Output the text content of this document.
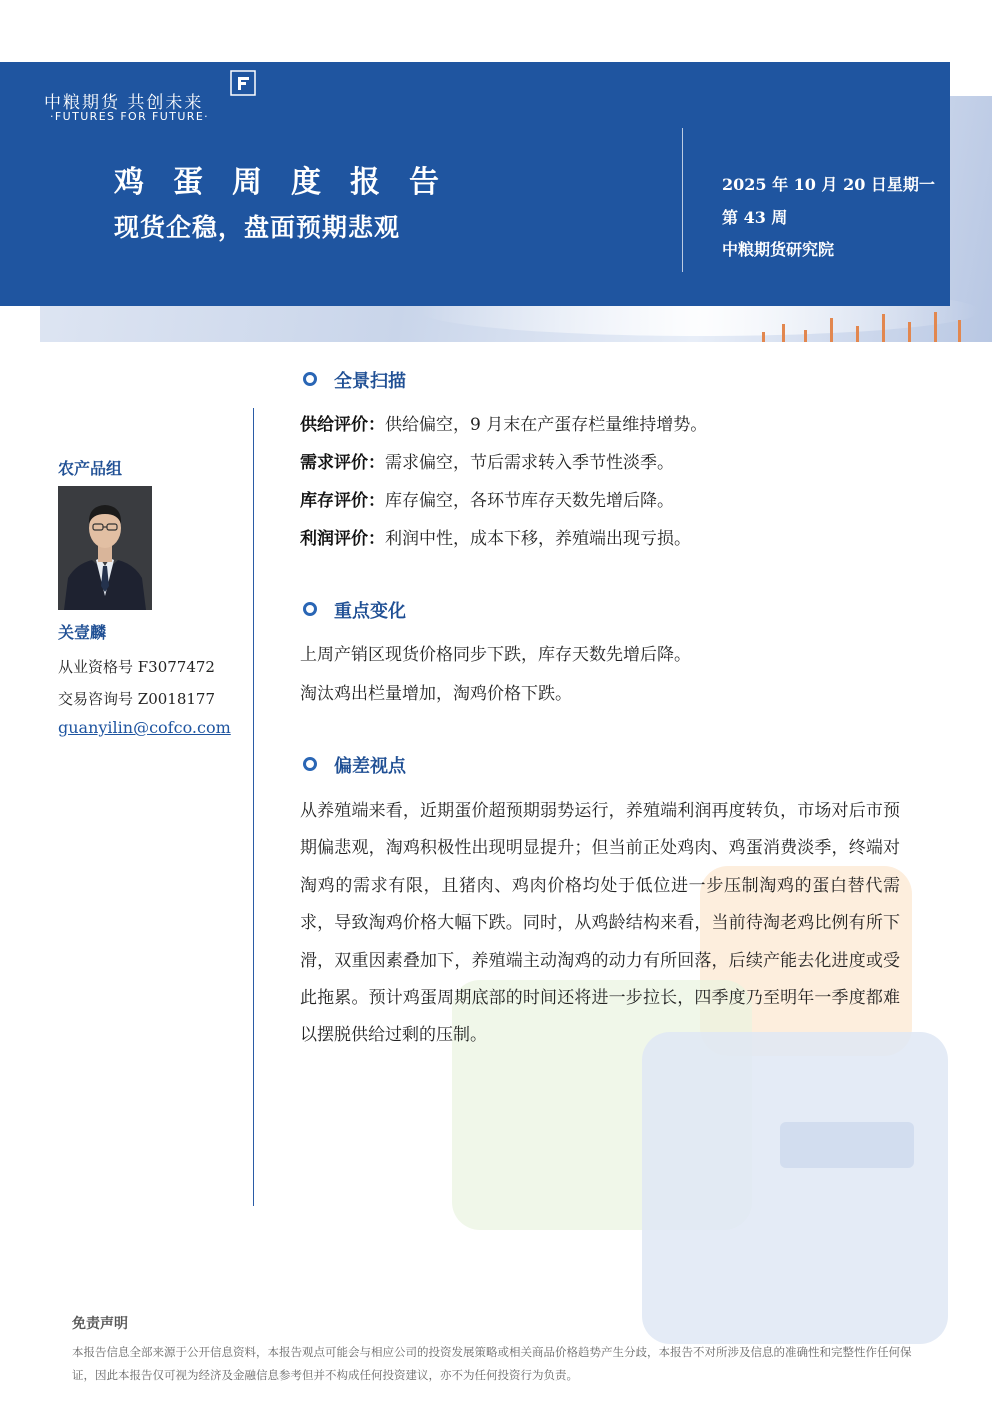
中粮期货 共创未来
·FUTURES FOR FUTURE·
鸡蛋周度报告
现货企稳，盘面预期悲观
2025 年 10 月 20 日星期一
第 43 周
中粮期货研究院
农产品组
关壹麟
从业资格号 F3077472
交易咨询号 Z0018177
guanyilin@cofco.com
全景扫描
供给评价：供给偏空，9 月末在产蛋存栏量维持增势。
需求评价：需求偏空，节后需求转入季节性淡季。
库存评价：库存偏空，各环节库存天数先增后降。
利润评价：利润中性，成本下移，养殖端出现亏损。
重点变化
上周产销区现货价格同步下跌，库存天数先增后降。
淘汰鸡出栏量增加，淘鸡价格下跌。
偏差视点
从养殖端来看，近期蛋价超预期弱势运行，养殖端利润再度转负，市场对后市预期偏悲观，淘鸡积极性出现明显提升；但当前正处鸡肉、鸡蛋消费淡季，终端对淘鸡的需求有限，且猪肉、鸡肉价格均处于低位进一步压制淘鸡的蛋白替代需求，导致淘鸡价格大幅下跌。同时，从鸡龄结构来看，当前待淘老鸡比例有所下滑，双重因素叠加下，养殖端主动淘鸡的动力有所回落，后续产能去化进度或受此拖累。预计鸡蛋周期底部的时间还将进一步拉长，四季度乃至明年一季度都难以摆脱供给过剩的压制。
免责声明
本报告信息全部来源于公开信息资料，本报告观点可能会与相应公司的投资发展策略或相关商品价格趋势产生分歧，本报告不对所涉及信息的准确性和完整性作任何保证，因此本报告仅可视为经济及金融信息参考但并不构成任何投资建议，亦不为任何投资行为负责。
